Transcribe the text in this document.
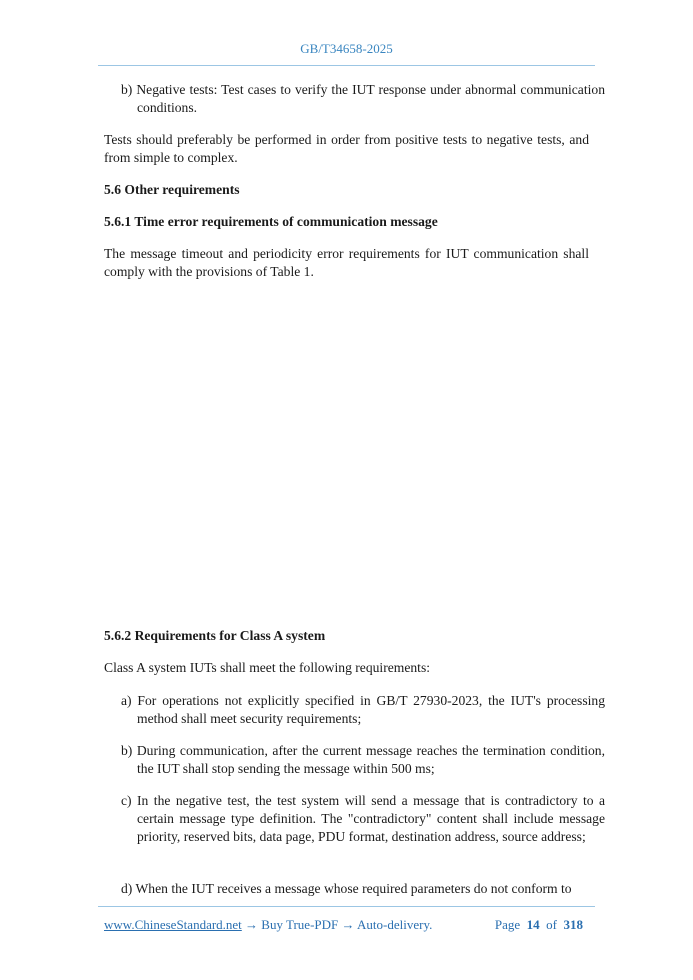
GB/T34658-2025
b) Negative tests: Test cases to verify the IUT response under abnormal communication conditions.
Tests should preferably be performed in order from positive tests to negative tests, and from simple to complex.
5.6 Other requirements
5.6.1 Time error requirements of communication message
The message timeout and periodicity error requirements for IUT communication shall comply with the provisions of Table 1.
5.6.2 Requirements for Class A system
Class A system IUTs shall meet the following requirements:
a) For operations not explicitly specified in GB/T 27930-2023, the IUT's processing method shall meet security requirements;
b) During communication, after the current message reaches the termination condition, the IUT shall stop sending the message within 500 ms;
c) In the negative test, the test system will send a message that is contradictory to a certain message type definition. The "contradictory" content shall include message priority, reserved bits, data page, PDU format, destination address, source address;
d) When the IUT receives a message whose required parameters do not conform to
www.ChineseStandard.net → Buy True-PDF → Auto-delivery.	Page 14 of 318
